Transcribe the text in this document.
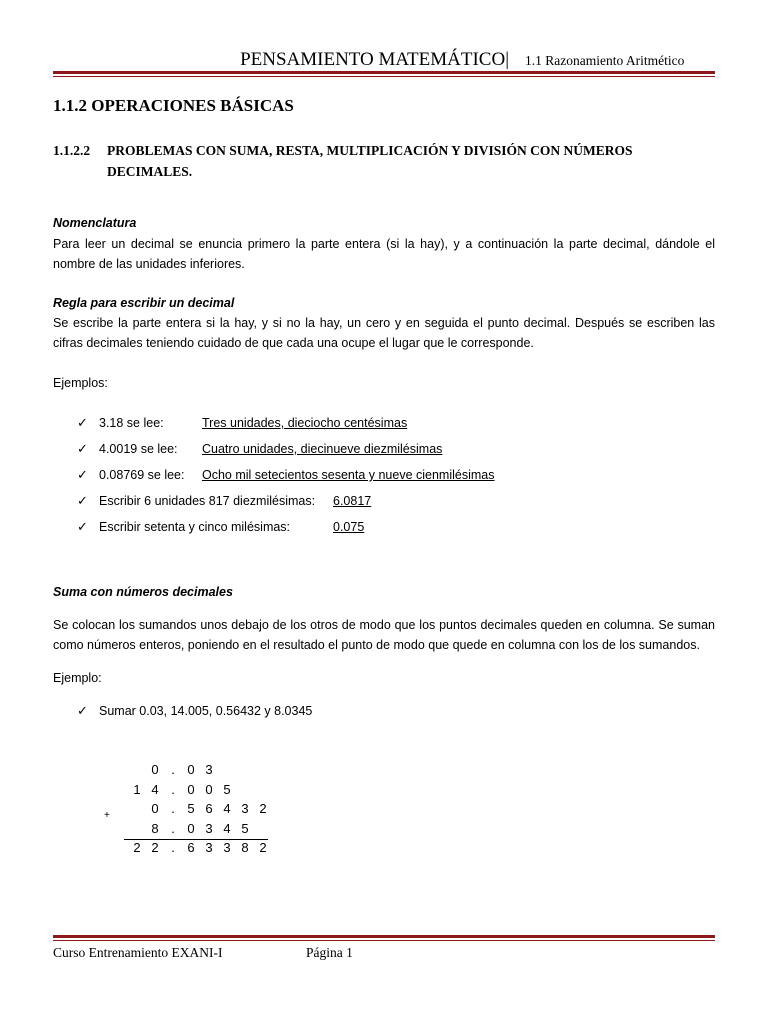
PENSAMIENTO MATEMÁTICO| 1.1 Razonamiento Aritmético
1.1.2 OPERACIONES BÁSICAS
1.1.2.2 PROBLEMAS CON SUMA, RESTA, MULTIPLICACIÓN Y DIVISIÓN CON NÚMEROS
DECIMALES.
Nomenclatura
Para leer un decimal se enuncia primero la parte entera (si la hay), y a continuación la parte decimal, dándole el nombre de las unidades inferiores.
Regla para escribir un decimal
Se escribe la parte entera si la hay, y si no la hay, un cero y en seguida el punto decimal. Después se escriben las cifras decimales teniendo cuidado de que cada una ocupe el lugar que le corresponde.
Ejemplos:
✓ 3.18 se lee:	Tres unidades, dieciocho centésimas
✓ 4.0019 se lee: Cuatro unidades, diecinueve diezmilésimas
✓ 0.08769 se lee: Ocho mil setecientos sesenta y nueve cienmilésimas
✓ Escribir 6 unidades 817 diezmilésimas: 6.0817
✓ Escribir setenta y cinco milésimas:	0.075
Suma con números decimales
Se colocan los sumandos unos debajo de los otros de modo que los puntos decimales queden en columna. Se suman como números enteros, poniendo en el resultado el punto de modo que quede en columna con los de los sumandos.
Ejemplo:
✓ Sumar 0.03, 14.005, 0.56432 y 8.0345
0 . 0 3
1 4 . 0 0 5
0 . 5 6 4 3 2
8 . 0 3 4 5
+
2 2 . 6 3 3 8 2
Curso Entrenamiento EXANI-I	Página 1
